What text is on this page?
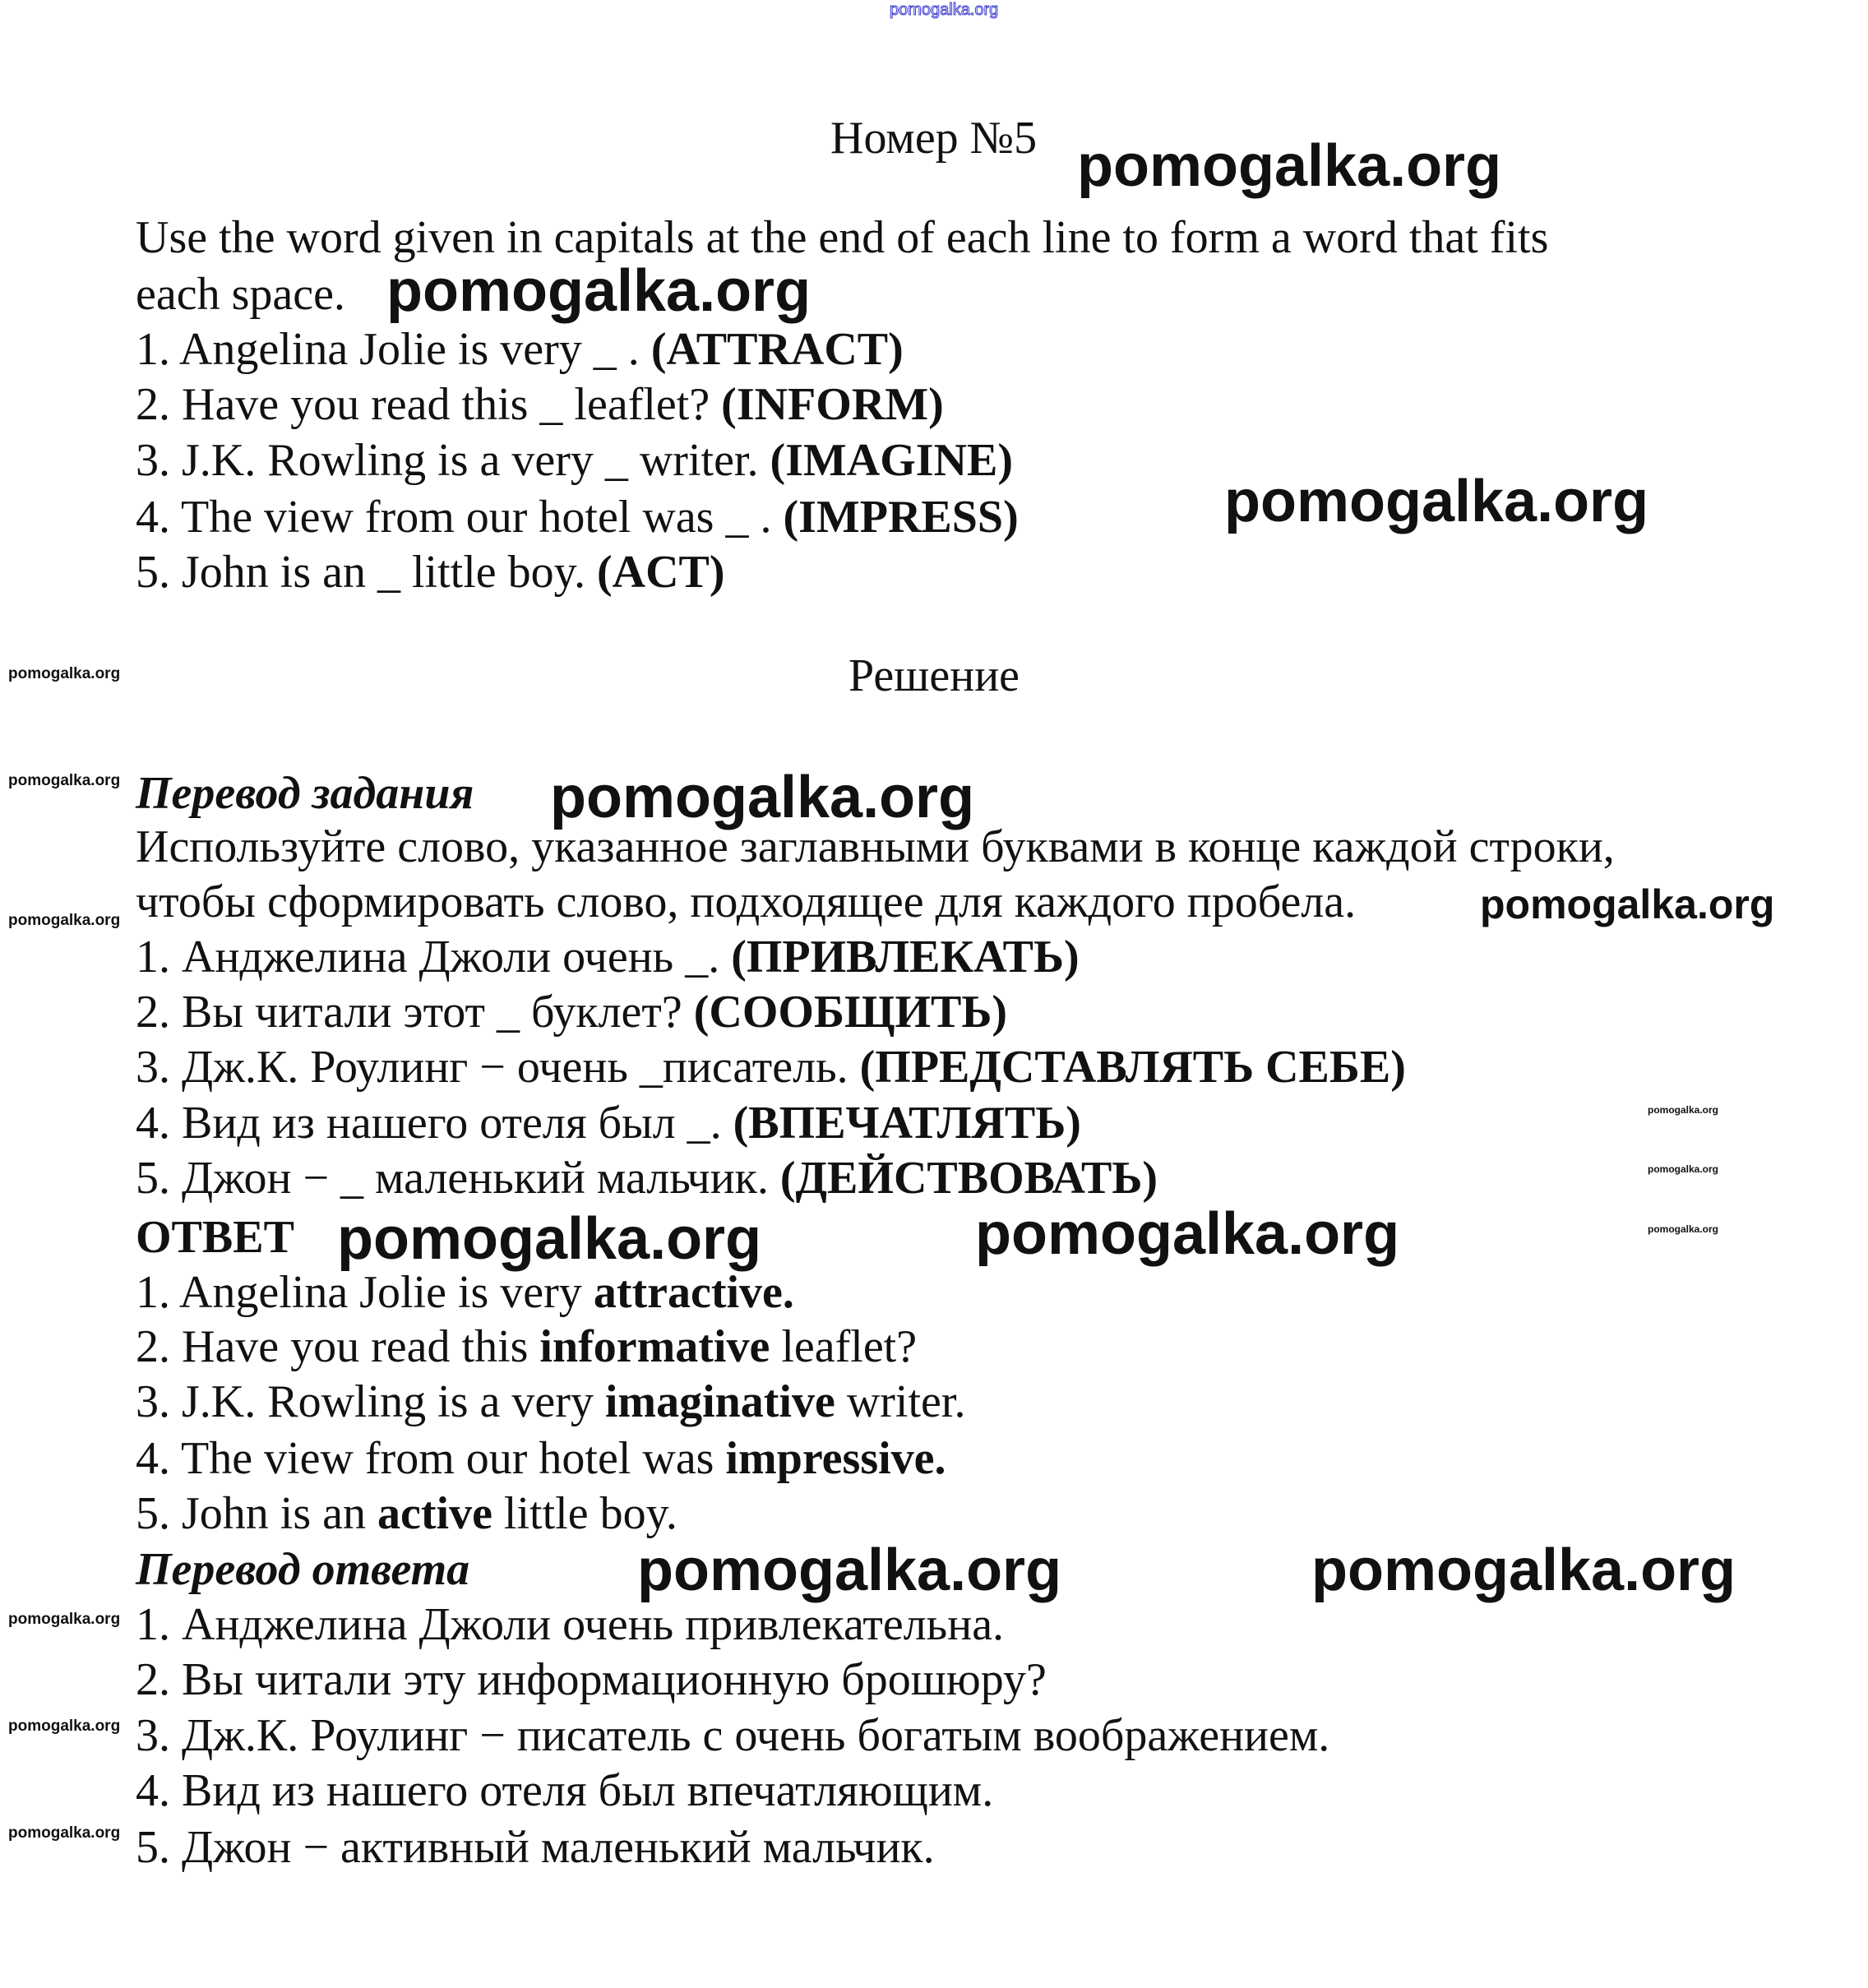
Номер №5
Решение
Перевод задания
ОТВЕТ
Перевод ответа
Use the word given in capitals at the end of each line to form a word that fits
each space.
1. Angelina Jolie is very _ . (ATTRACT)
2. Have you read this _ leaflet? (INFORM)
3. J.K. Rowling is a very _ writer. (IMAGINE)
4. The view from our hotel was _ . (IMPRESS)
5. John is an _ little boy. (ACT)
Используйте слово, указанное заглавными буквами в конце каждой строки,
чтобы сформировать слово, подходящее для каждого пробела.
1. Анджелина Джоли очень _. (ПРИВЛЕКАТЬ)
2. Вы читали этот _ буклет? (СООБЩИТЬ)
3. Дж.К. Роулинг − очень _писатель. (ПРЕДСТАВЛЯТЬ СЕБЕ)
4. Вид из нашего отеля был _. (ВПЕЧАТЛЯТЬ)
5. Джон − _ маленький мальчик. (ДЕЙСТВОВАТЬ)
1. Angelina Jolie is very attractive.
2. Have you read this informative leaflet?
3. J.K. Rowling is a very imaginative writer.
4. The view from our hotel was impressive.
5. John is an active little boy.
1. Анджелина Джоли очень привлекательна.
2. Вы читали эту информационную брошюру?
3. Дж.К. Роулинг − писатель с очень богатым воображением.
4. Вид из нашего отеля был впечатляющим.
5. Джон − активный маленький мальчик.
pomogalka.org
pomogalka.org
pomogalka.org
pomogalka.org
pomogalka.org
pomogalka.org
pomogalka.org	pomogalka.org
pomogalka.org	pomogalka.org
pomogalka.org
pomogalka.org
pomogalka.org
pomogalka.org
pomogalka.org
pomogalka.org
pomogalka.org
pomogalka.org
pomogalka.org
